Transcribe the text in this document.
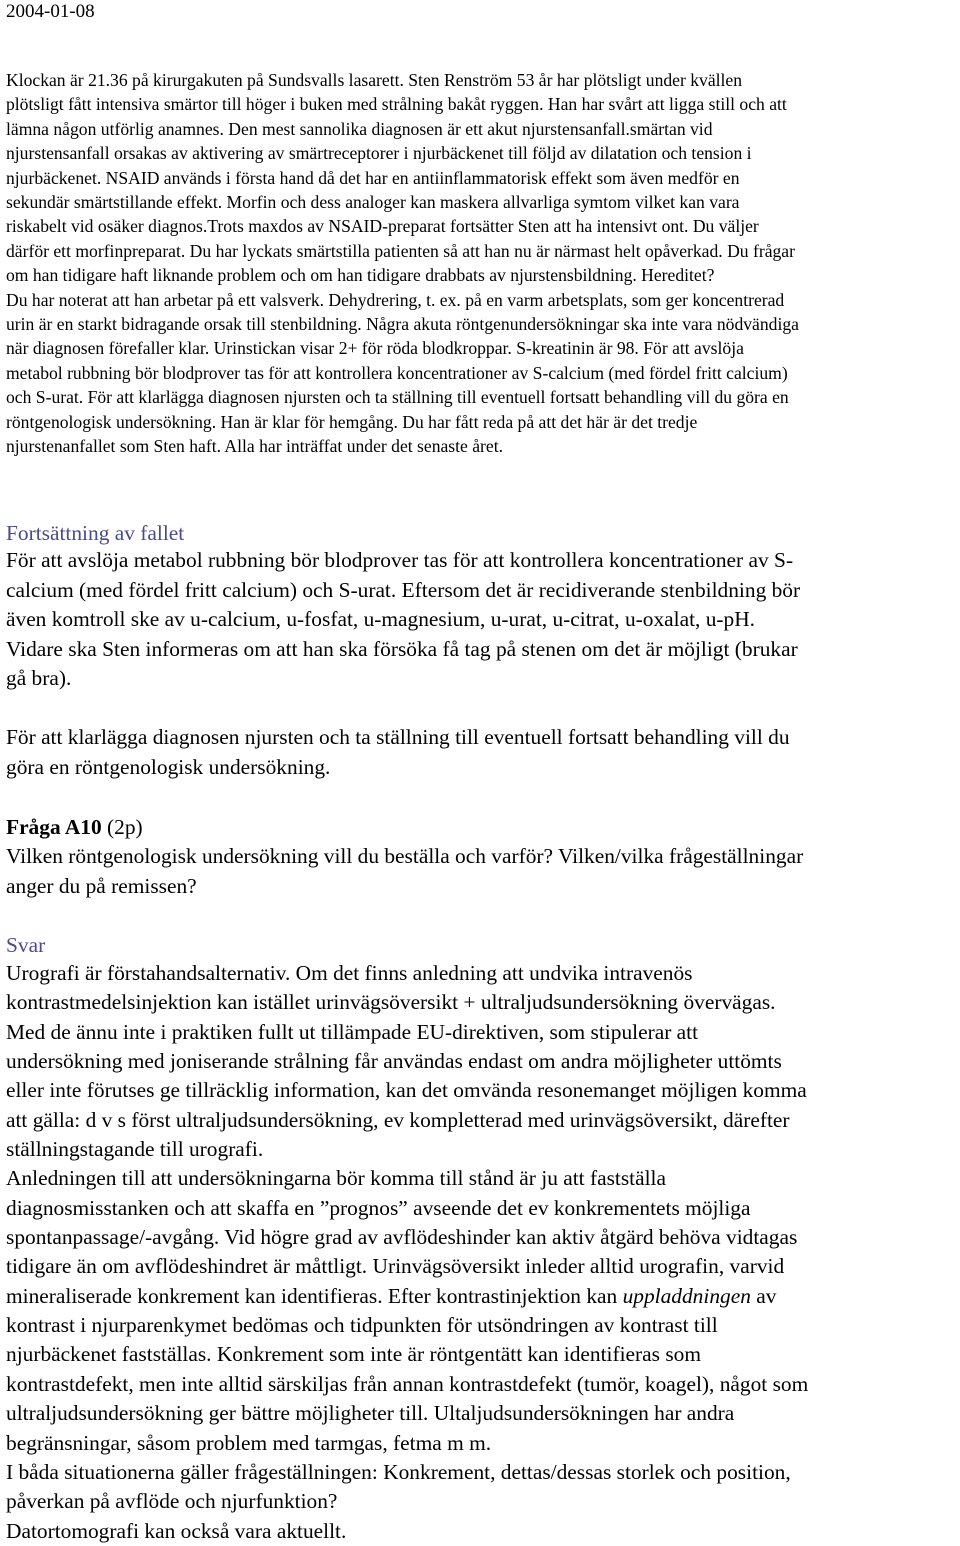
2004-01-08
Klockan är 21.36 på kirurgakuten på Sundsvalls lasarett. Sten Renström 53 år har plötsligt under kvällen
plötsligt fått intensiva smärtor till höger i buken med strålning bakåt ryggen. Han har svårt att ligga still och att
lämna någon utförlig anamnes. Den mest sannolika diagnosen är ett akut njurstensanfall.smärtan vid
njurstensanfall orsakas av aktivering av smärtreceptorer i njurbäckenet till följd av dilatation och tension i
njurbäckenet. NSAID används i första hand då det har en antiinflammatorisk effekt som även medför en
sekundär smärtstillande effekt. Morfin och dess analoger kan maskera allvarliga symtom vilket kan vara
riskabelt vid osäker diagnos.Trots maxdos av NSAID-preparat fortsätter Sten att ha intensivt ont. Du väljer
därför ett morfinpreparat. Du har lyckats smärtstilla patienten så att han nu är närmast helt opåverkad. Du frågar
om han tidigare haft liknande problem och om han tidigare drabbats av njurstensbildning. Hereditet?
Du har noterat att han arbetar på ett valsverk. Dehydrering, t. ex. på en varm arbetsplats, som ger koncentrerad
urin är en starkt bidragande orsak till stenbildning. Några akuta röntgenundersökningar ska inte vara nödvändiga
när diagnosen förefaller klar. Urinstickan visar 2+ för röda blodkroppar. S-kreatinin är 98. För att avslöja
metabol rubbning bör blodprover tas för att kontrollera koncentrationer av S-calcium (med fördel fritt calcium)
och S-urat. För att klarlägga diagnosen njursten och ta ställning till eventuell fortsatt behandling vill du göra en
röntgenologisk undersökning. Han är klar för hemgång. Du har fått reda på att det här är det tredje
njurstenanfallet som Sten haft. Alla har inträffat under det senaste året.
Fortsättning av fallet
För att avslöja metabol rubbning bör blodprover tas för att kontrollera koncentrationer av S-
calcium (med fördel fritt calcium) och S-urat. Eftersom det är recidiverande stenbildning bör
även komtroll ske av u-calcium, u-fosfat, u-magnesium, u-urat, u-citrat, u-oxalat, u-pH.
Vidare ska Sten informeras om att han ska försöka få tag på stenen om det är möjligt (brukar
gå bra).
För att klarlägga diagnosen njursten och ta ställning till eventuell fortsatt behandling vill du
göra en röntgenologisk undersökning.
Fråga A10 (2p)
Vilken röntgenologisk undersökning vill du beställa och varför? Vilken/vilka frågeställningar
anger du på remissen?
Svar
Urografi är förstahandsalternativ. Om det finns anledning att undvika intravenös
kontrastmedelsinjektion kan istället urinvägsöversikt + ultraljudsundersökning övervägas.
Med de ännu inte i praktiken fullt ut tillämpade EU-direktiven, som stipulerar att
undersökning med joniserande strålning får användas endast om andra möjligheter uttömts
eller inte förutses ge tillräcklig information, kan det omvända resonemanget möjligen komma
att gälla: d v s först ultraljudsundersökning, ev kompletterad med urinvägsöversikt, därefter
ställningstagande till urografi.
Anledningen till att undersökningarna bör komma till stånd är ju att fastställa
diagnosmisstanken och att skaffa en ”prognos” avseende det ev konkrementets möjliga
spontanpassage/-avgång. Vid högre grad av avflödeshinder kan aktiv åtgärd behöva vidtagas
tidigare än om avflödeshindret är måttligt. Urinvägsöversikt inleder alltid urografin, varvid
mineraliserade konkrement kan identifieras. Efter kontrastinjektion kan uppladdningen av
kontrast i njurparenkymet bedömas och tidpunkten för utsöndringen av kontrast till
njurbäckenet fastställas. Konkrement som inte är röntgentätt kan identifieras som
kontrastdefekt, men inte alltid särskiljas från annan kontrastdefekt (tumör, koagel), något som
ultraljudsundersökning ger bättre möjligheter till. Ultaljudsundersökningen har andra
begränsningar, såsom problem med tarmgas, fetma m m.
I båda situationerna gäller frågeställningen: Konkrement, dettas/dessas storlek och position,
påverkan på avflöde och njurfunktion?
Datortomografi kan också vara aktuellt.
